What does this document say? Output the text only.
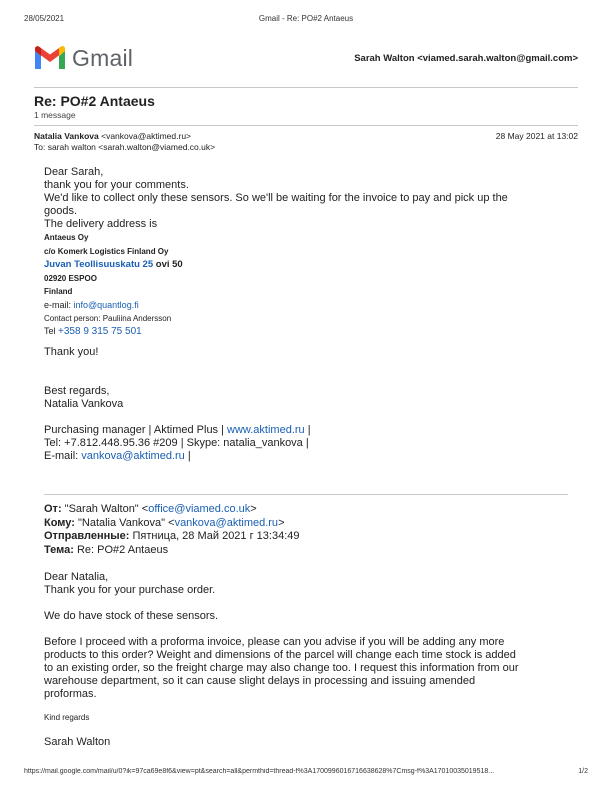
28/05/2021	Gmail - Re: PO#2 Antaeus
Gmail	Sarah Walton <viamed.sarah.walton@gmail.com>
Re: PO#2 Antaeus
1 message
Natalia Vankova <vankova@aktimed.ru>	28 May 2021 at 13:02
To: sarah walton <sarah.walton@viamed.co.uk>
Dear Sarah,
thank you for your comments.
We'd like to collect only these sensors. So we'll be waiting for the invoice to pay and pick up the
goods.
The delivery address is
Antaeus Oy
c/o Komerk Logistics Finland Oy
Juvan Teollisuuskatu 25 ovi 50
02920 ESPOO
Finland
e-mail: info@quantlog.fi
Contact person: Pauliina Andersson
Tel +358 9 315 75 501
Thank you!
Best regards,
Natalia Vankova
Purchasing manager | Aktimed Plus | www.aktimed.ru |
Tel: +7.812.448.95.36 #209 | Skype: natalia_vankova |
E-mail: vankova@aktimed.ru |
От: "Sarah Walton" <office@viamed.co.uk>
Кому: "Natalia Vankova" <vankova@aktimed.ru>
Отправленные: Пятница, 28 Май 2021 г 13:34:49
Тема: Re: PO#2 Antaeus
Dear Natalia,
Thank you for your purchase order.
We do have stock of these sensors.
Before I proceed with a proforma invoice, please can you advise if you will be adding any more
products to this order? Weight and dimensions of the parcel will change each time stock is added
to an existing order, so the freight charge may also change too. I request this information from our
warehouse department, so it can cause slight delays in processing and issuing amended
proformas.
Kind regards
Sarah Walton
https://mail.google.com/mail/u/0?ik=97ca69e8f6&view=pt&search=all&permthid=thread-f%3A1700996016716638628%7Cmsg-f%3A17010035019518...	1/2
